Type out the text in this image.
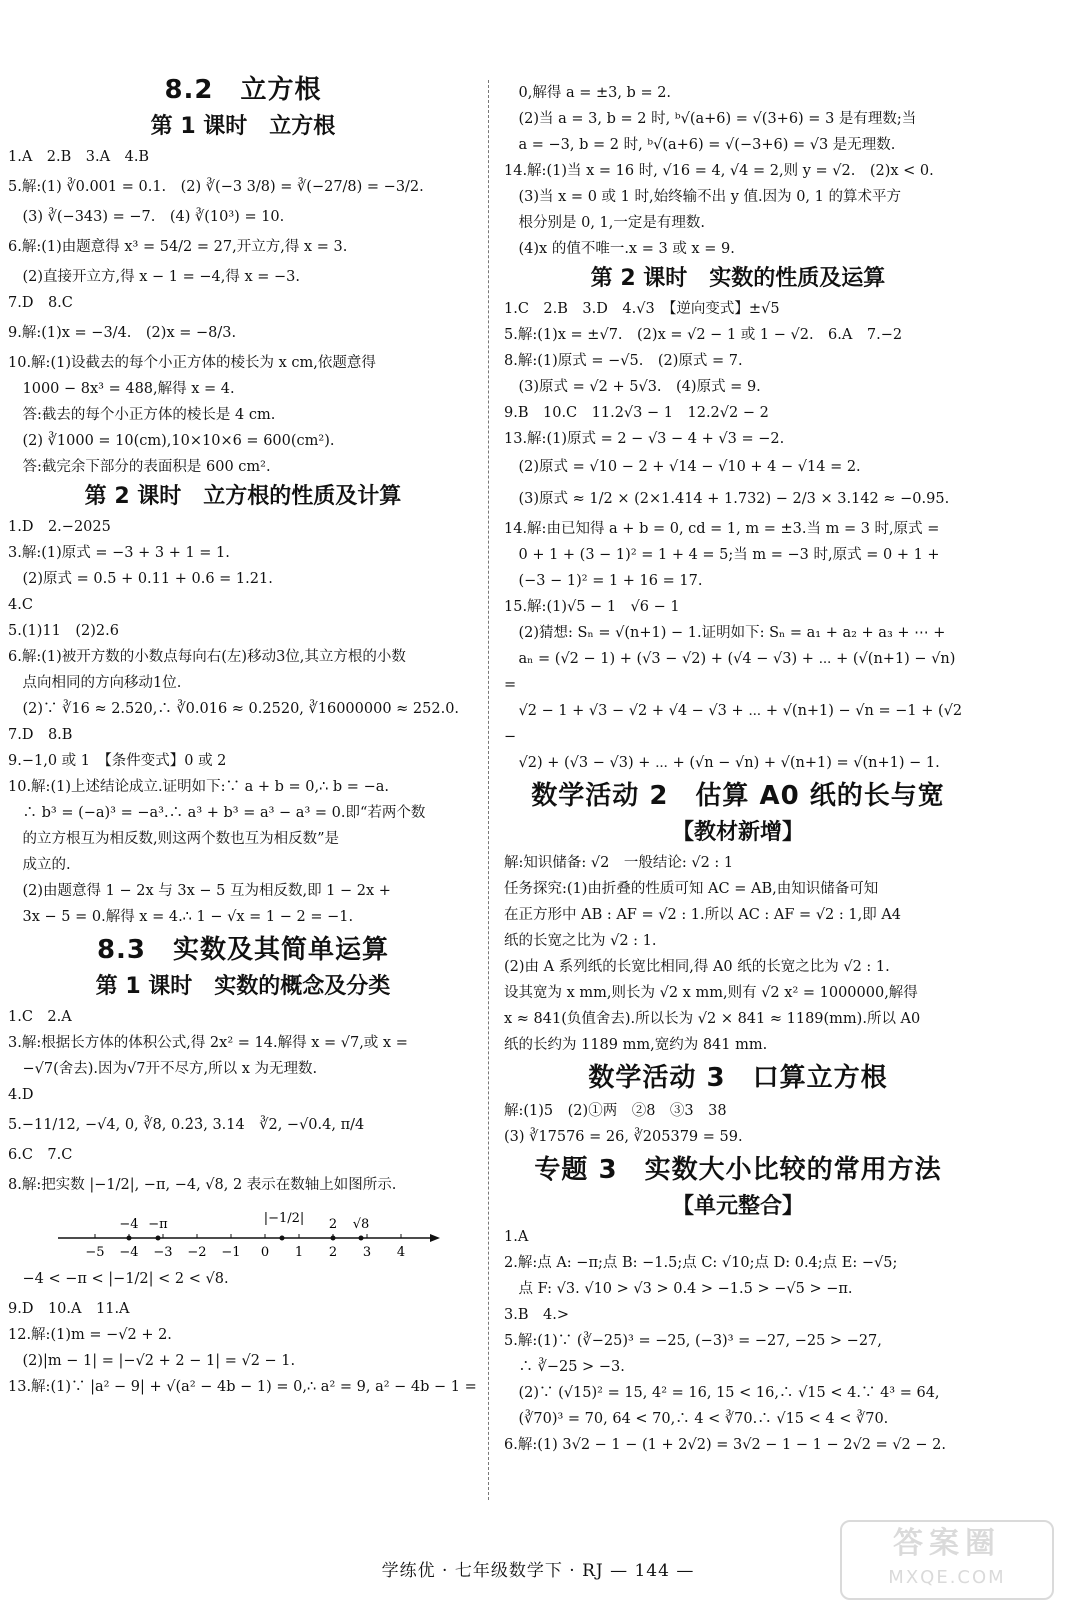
8.2　立方根
第 1 课时　立方根
1.A　2.B　3.A　4.B
5.解:(1) ∛0.001 = 0.1.　(2) ∛(−3 3/8) = ∛(−27/8) = −3/2.
　(3) ∛(−343) = −7.　(4) ∛(10³) = 10.
6.解:(1)由题意得 x³ = 54/2 = 27,开立方,得 x = 3.
　(2)直接开立方,得 x − 1 = −4,得 x = −3.
7.D　8.C
9.解:(1)x = −3/4.　(2)x = −8/3.
10.解:(1)设截去的每个小正方体的棱长为 x cm,依题意得
　1000 − 8x³ = 488,解得 x = 4.
　答:截去的每个小正方体的棱长是 4 cm.
　(2) ∛1000 = 10(cm),10×10×6 = 600(cm²).
　答:截完余下部分的表面积是 600 cm².
第 2 课时　立方根的性质及计算
1.D　2.−2025
3.解:(1)原式 = −3 + 3 + 1 = 1.
　(2)原式 = 0.5 + 0.11 + 0.6 = 1.21.
4.C
5.(1)11　(2)2.6
6.解:(1)被开方数的小数点每向右(左)移动3位,其立方根的小数
　点向相同的方向移动1位.
　(2)∵ ∛16 ≈ 2.520,∴ ∛0.016 ≈ 0.2520, ∛16000000 ≈ 252.0.
7.D　8.B
9.−1,0 或 1　【条件变式】0 或 2
10.解:(1)上述结论成立.证明如下:∵ a + b = 0,∴ b = −a.
　∴ b³ = (−a)³ = −a³.∴ a³ + b³ = a³ − a³ = 0.即“若两个数
　的立方根互为相反数,则这两个数也互为相反数”是
　成立的.
　(2)由题意得 1 − 2x 与 3x − 5 互为相反数,即 1 − 2x +
　3x − 5 = 0.解得 x = 4.∴ 1 − √x = 1 − 2 = −1.
8.3　实数及其简单运算
第 1 课时　实数的概念及分类
1.C　2.A
3.解:根据长方体的体积公式,得 2x² = 14.解得 x = √7,或 x =
　−√7(舍去).因为√7开不尽方,所以 x 为无理数.
4.D
5.−11/12, −√4, 0, ∛8, 0.2̇3̇, 3.14　∛2, −√0.4, π/4
6.C　7.C
8.解:把实数 |−1/2|, −π, −4, √8, 2 表示在数轴上如图所示.
−5 −4 −3 −2 −1 0 1 2 3 4
−4 −π	|−1/2| 2 √8
　−4 < −π < |−1/2| < 2 < √8.
9.D　10.A　11.A
12.解:(1)m = −√2 + 2.
　(2)|m − 1| = |−√2 + 2 − 1| = √2 − 1.
13.解:(1)∵ |a² − 9| + √(a² − 4b − 1) = 0,∴ a² = 9, a² − 4b − 1 =
　0,解得 a = ±3, b = 2.
　(2)当 a = 3, b = 2 时, ᵇ√(a+6) = √(3+6) = 3 是有理数;当
　a = −3, b = 2 时, ᵇ√(a+6) = √(−3+6) = √3 是无理数.
14.解:(1)当 x = 16 时, √16 = 4, √4 = 2,则 y = √2.　(2)x < 0.
　(3)当 x = 0 或 1 时,始终输不出 y 值.因为 0, 1 的算术平方
　根分别是 0, 1,一定是有理数.
　(4)x 的值不唯一.x = 3 或 x = 9.
第 2 课时　实数的性质及运算
1.C　2.B　3.D　4.√3　【逆向变式】±√5
5.解:(1)x = ±√7.　(2)x = √2 − 1 或 1 − √2.　6.A　7.−2
8.解:(1)原式 = −√5.　(2)原式 = 7.
　(3)原式 = √2 + 5√3.　(4)原式 = 9.
9.B　10.C　11.2√3 − 1　12.2√2 − 2
13.解:(1)原式 = 2 − √3 − 4 + √3 = −2.
　(2)原式 = √10 − 2 + √14 − √10 + 4 − √14 = 2.
　(3)原式 ≈ 1/2 × (2×1.414 + 1.732) − 2/3 × 3.142 ≈ −0.95.
14.解:由已知得 a + b = 0, cd = 1, m = ±3.当 m = 3 时,原式 =
　0 + 1 + (3 − 1)² = 1 + 4 = 5;当 m = −3 时,原式 = 0 + 1 +
　(−3 − 1)² = 1 + 16 = 17.
15.解:(1)√5 − 1　√6 − 1
　(2)猜想: Sₙ = √(n+1) − 1.证明如下: Sₙ = a₁ + a₂ + a₃ + ⋯ +
　aₙ = (√2 − 1) + (√3 − √2) + (√4 − √3) + ⋯ + (√(n+1) − √n) =
　√2 − 1 + √3 − √2 + √4 − √3 + ⋯ + √(n+1) − √n = −1 + (√2 −
　√2) + (√3 − √3) + ⋯ + (√n − √n) + √(n+1) = √(n+1) − 1.
数学活动 2　估算 A0 纸的长与宽
【教材新增】
解:知识储备: √2　一般结论: √2 : 1
任务探究:(1)由折叠的性质可知 AC = AB,由知识储备可知
在正方形中 AB : AF = √2 : 1.所以 AC : AF = √2 : 1,即 A4
纸的长宽之比为 √2 : 1.
(2)由 A 系列纸的长宽比相同,得 A0 纸的长宽之比为 √2 : 1.
设其宽为 x mm,则长为 √2 x mm,则有 √2 x² = 1000000,解得
x ≈ 841(负值舍去).所以长为 √2 × 841 ≈ 1189(mm).所以 A0
纸的长约为 1189 mm,宽约为 841 mm.
数学活动 3　口算立方根
解:(1)5　(2)①两　②8　③3　38
(3) ∛17576 = 26, ∛205379 = 59.
专题 3　实数大小比较的常用方法
【单元整合】
1.A
2.解:点 A: −π;点 B: −1.5;点 C: √10;点 D: 0.4;点 E: −√5;
　点 F: √3. √10 > √3 > 0.4 > −1.5 > −√5 > −π.
3.B　4.>
5.解:(1)∵ (∛−25)³ = −25, (−3)³ = −27, −25 > −27,
　∴ ∛−25 > −3.
　(2)∵ (√15)² = 15, 4² = 16, 15 < 16,∴ √15 < 4.∵ 4³ = 64,
　(∛70)³ = 70, 64 < 70,∴ 4 < ∛70.∴ √15 < 4 < ∛70.
6.解:(1) 3√2 − 1 − (1 + 2√2) = 3√2 − 1 − 1 − 2√2 = √2 − 2.
学练优 · 七年级数学下 · RJ — 144 —
答案圈
MXQE.COM
